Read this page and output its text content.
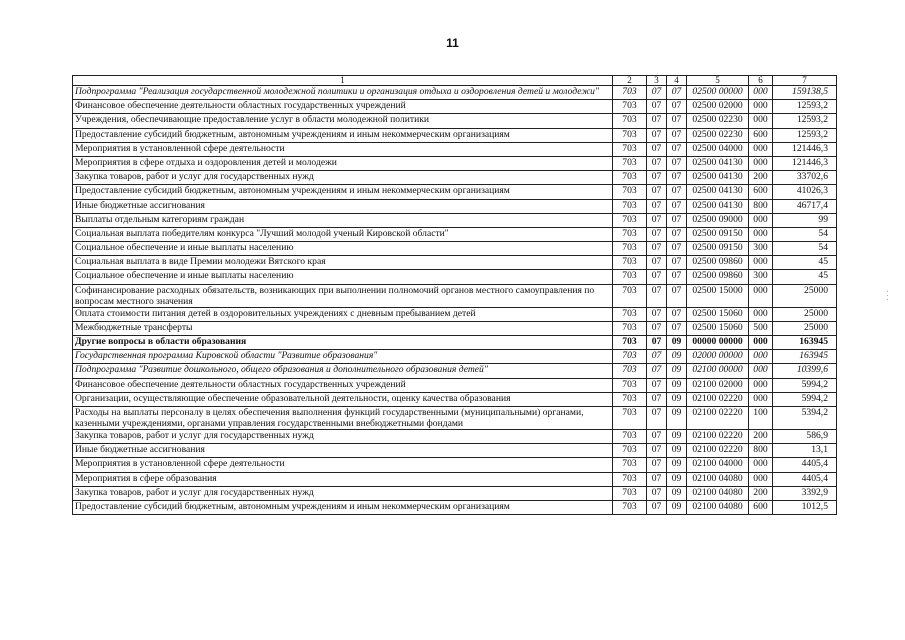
11
1	2	3	4	5	6	7
Подпрограмма "Реализация государственной молодежной политики и организация отдыха и оздоровления детей и молодежи"	703	07	07	02500 00000	000	159138,5
Финансовое обеспечение деятельности областных государственных учреждений	703	07	07	02500 02000	000	12593,2
Учреждения, обеспечивающие предоставление услуг в области молодежной политики	703	07	07	02500 02230	000	12593,2
Предоставление субсидий бюджетным, автономным учреждениям и иным некоммерческим организациям	703	07	07	02500 02230	600	12593,2
Мероприятия в установленной сфере деятельности	703	07	07	02500 04000	000	121446,3
Мероприятия в сфере отдыха и оздоровления детей и молодежи	703	07	07	02500 04130	000	121446,3
Закупка товаров, работ и услуг для государственных нужд	703	07	07	02500 04130	200	33702,6
Предоставление субсидий бюджетным, автономным учреждениям и иным некоммерческим организациям	703	07	07	02500 04130	600	41026,3
Иные бюджетные ассигнования	703	07	07	02500 04130	800	46717,4
Выплаты отдельным категориям граждан	703	07	07	02500 09000	000	99
Социальная выплата победителям конкурса "Лучший молодой ученый Кировской области"	703	07	07	02500 09150	000	54
Социальное обеспечение и иные выплаты населению	703	07	07	02500 09150	300	54
Социальная выплата в виде Премии молодежи Вятского края	703	07	07	02500 09860	000	45
Социальное обеспечение и иные выплаты населению	703	07	07	02500 09860	300	45
Софинансирование расходных обязательств, возникающих при выполнении полномочий органов местного самоуправления по вопросам местного значения	703	07	07	02500 15000	000	25000
Оплата стоимости питания детей в оздоровительных учреждениях с дневным пребыванием детей	703	07	07	02500 15060	000	25000
Межбюджетные трансферты	703	07	07	02500 15060	500	25000
Другие вопросы в области образования	703	07	09	00000 00000	000	163945
Государственная программа Кировской области "Развитие образования"	703	07	09	02000 00000	000	163945
Подпрограмма "Развитие дошкольного, общего образования и дополнительного образования детей"	703	07	09	02100 00000	000	10399,6
Финансовое обеспечение деятельности областных государственных учреждений	703	07	09	02100 02000	000	5994,2
Организации, осуществляющие обеспечение образовательной деятельности, оценку качества образования	703	07	09	02100 02220	000	5994,2
Расходы на выплаты персоналу в целях обеспечения выполнения функций государственными (муниципальными) органами, казенными учреждениями, органами управления государственными внебюджетными фондами	703	07	09	02100 02220	100	5394,2
Закупка товаров, работ и услуг для государственных нужд	703	07	09	02100 02220	200	586,9
Иные бюджетные ассигнования	703	07	09	02100 02220	800	13,1
Мероприятия в установленной сфере деятельности	703	07	09	02100 04000	000	4405,4
Мероприятия в сфере образования	703	07	09	02100 04080	000	4405,4
Закупка товаров, работ и услуг для государственных нужд	703	07	09	02100 04080	200	3392,9
Предоставление субсидий бюджетным, автономным учреждениям и иным некоммерческим организациям	703	07	09	02100 04080	600	1012,5
· · ·
